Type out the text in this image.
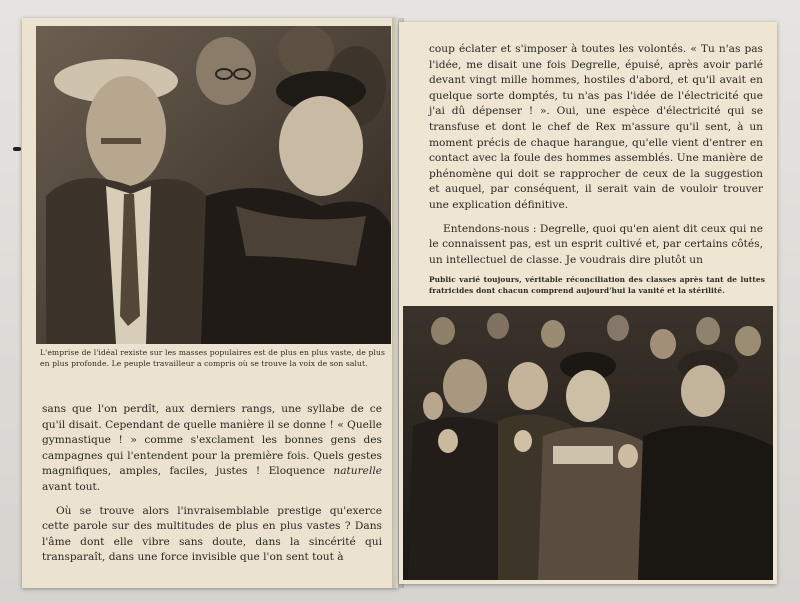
L'emprise de l'idéal rexiste sur les masses populaires est de plus en plus vaste, de plus en plus profonde. Le peuple travailleur a compris où se trouve la voix de son salut.

sans que l'on perdît, aux derniers rangs, une syllabe de ce qu'il disait. Cependant de quelle manière il se donne ! « Quelle gymnastique ! » comme s'exclament les bonnes gens des campagnes qui l'entendent pour la première fois. Quels gestes magnifiques, amples, faciles, justes ! Eloquence naturelle avant tout.

Où se trouve alors l'invraisemblable prestige qu'exerce cette parole sur des multitudes de plus en plus vastes ? Dans l'âme dont elle vibre sans doute, dans la sincérité qui transparaît, dans une force invisible que l'on sent tout à

coup éclater et s'imposer à toutes les volontés. « Tu n'as pas l'idée, me disait une fois Degrelle, épuisé, après avoir parlé devant vingt mille hommes, hostiles d'abord, et qu'il avait en quelque sorte domptés, tu n'as pas l'idée de l'électricité que j'ai dû dépenser ! ». Oui, une espèce d'électricité qui se transfuse et dont le chef de Rex m'assure qu'il sent, à un moment précis de chaque harangue, qu'elle vient d'entrer en contact avec la foule des hommes assemblés. Une manière de phénomène qui doit se rapprocher de ceux de la suggestion et auquel, par conséquent, il serait vain de vouloir trouver une explication définitive.

Entendons-nous : Degrelle, quoi qu'en aient dit ceux qui ne le connaissent pas, est un esprit cultivé et, par certains côtés, un intellectuel de classe. Je voudrais dire plutôt un

Public varié toujours, véritable réconciliation des classes après tant de luttes fratricides dont chacun comprend aujourd'hui la vanité et la stérilité.
